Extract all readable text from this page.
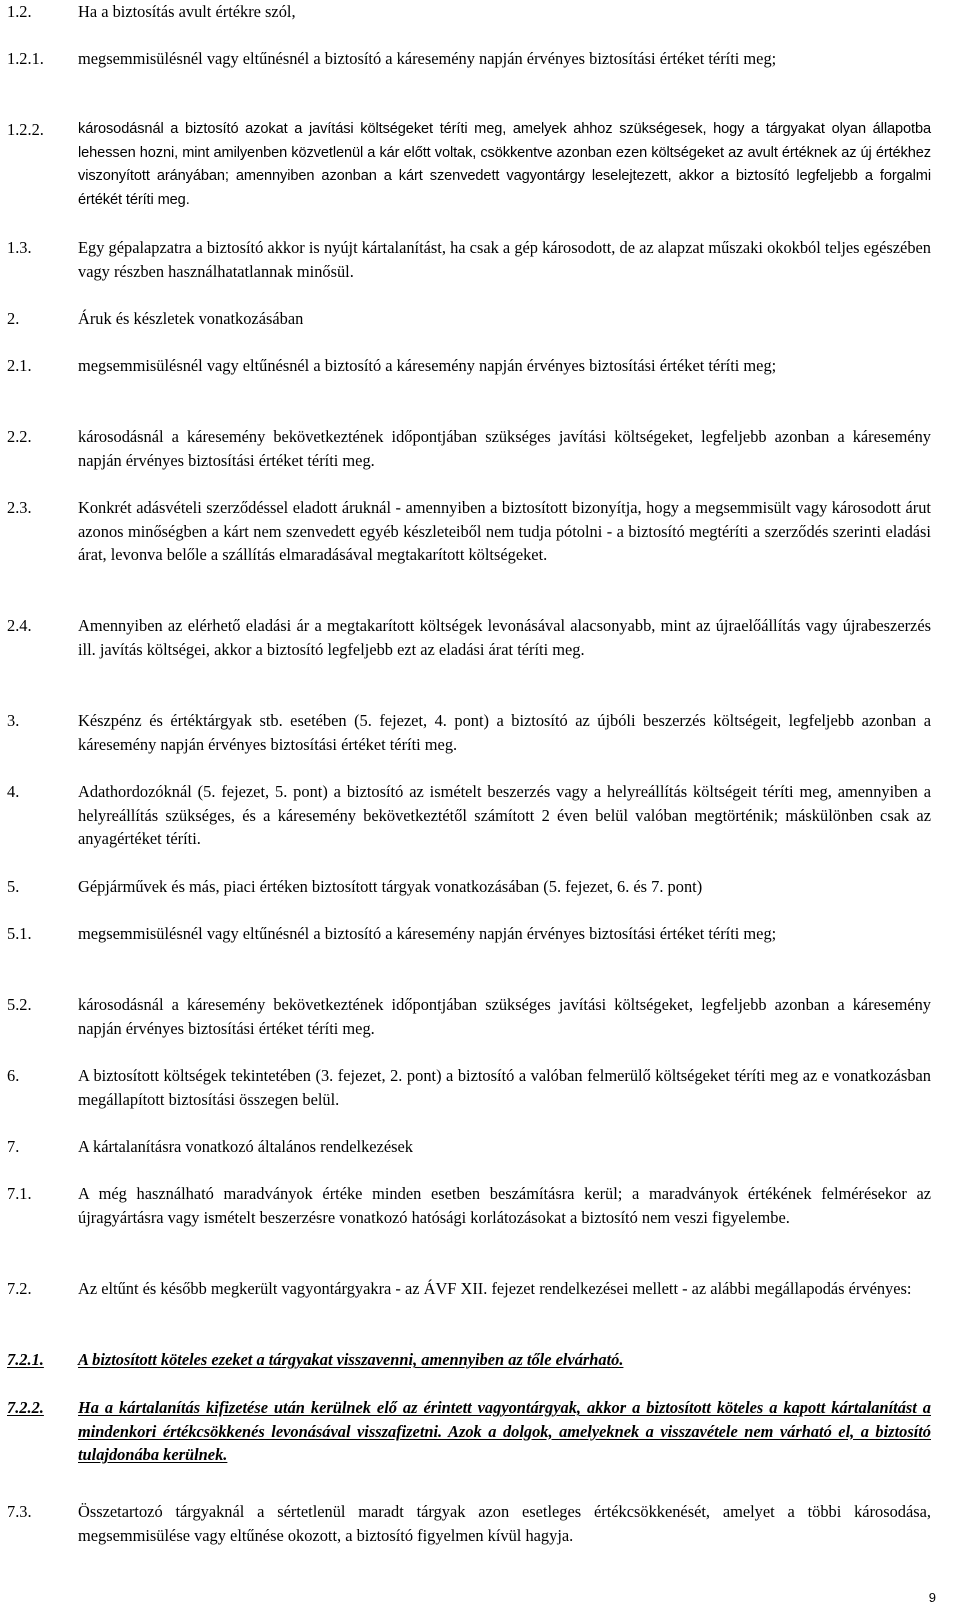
1.2.	Ha a biztosítás avult értékre szól,
1.2.1.	megsemmisülésnél vagy eltűnésnél a biztosító a káresemény napján érvényes biztosítási értéket téríti meg;
1.2.2.	károsodásnál a biztosító azokat a javítási költségeket téríti meg, amelyek ahhoz szükségesek, hogy a tárgyakat olyan állapotba lehessen hozni, mint amilyenben közvetlenül a kár előtt voltak, csökkentve azonban ezen költségeket az avult értéknek az új értékhez viszonyított arányában; amennyiben azonban a kárt szenvedett vagyontárgy leselejtezett, akkor a biztosító legfeljebb a forgalmi értékét téríti meg.
1.3.	Egy gépalapzatra a biztosító akkor is nyújt kártalanítást, ha csak a gép károsodott, de az alapzat műszaki okokból teljes egészében vagy részben használhatatlannak minősül.
2.	Áruk és készletek vonatkozásában
2.1.	megsemmisülésnél vagy eltűnésnél a biztosító a káresemény napján érvényes biztosítási értéket téríti meg;
2.2.	károsodásnál a káresemény bekövetkeztének időpontjában szükséges javítási költségeket, legfeljebb azonban a káresemény napján érvényes biztosítási értéket téríti meg.
2.3.	Konkrét adásvételi szerződéssel eladott áruknál - amennyiben a biztosított bizonyítja, hogy a megsemmisült vagy károsodott árut azonos minőségben a kárt nem szenvedett egyéb készleteiből nem tudja pótolni - a biztosító megtéríti a szerződés szerinti eladási árat, levonva belőle a szállítás elmaradásával megtakarított költségeket.
2.4.	Amennyiben az elérhető eladási ár a megtakarított költségek levonásával alacsonyabb, mint az újraelőállítás vagy újrabeszerzés ill. javítás költségei, akkor a biztosító legfeljebb ezt az eladási árat téríti meg.
3.	Készpénz és értéktárgyak stb. esetében (5. fejezet, 4. pont) a biztosító az újbóli beszerzés költségeit, legfeljebb azonban a káresemény napján érvényes biztosítási értéket téríti meg.
4.	Adathordozóknál (5. fejezet, 5. pont) a biztosító az ismételt beszerzés vagy a helyreállítás költségeit téríti meg, amennyiben a helyreállítás szükséges, és a káresemény bekövetkeztétől számított 2 éven belül valóban megtörténik; máskülönben csak az anyagértéket téríti.
5.	Gépjárművek és más, piaci értéken biztosított tárgyak vonatkozásában (5. fejezet, 6. és 7. pont)
5.1.	megsemmisülésnél vagy eltűnésnél a biztosító a káresemény napján érvényes biztosítási értéket téríti meg;
5.2.	károsodásnál a káresemény bekövetkeztének időpontjában szükséges javítási költségeket, legfeljebb azonban a káresemény napján érvényes biztosítási értéket téríti meg.
6.	A biztosított költségek tekintetében (3. fejezet, 2. pont) a biztosító a valóban felmerülő költségeket téríti meg az e vonatkozásban megállapított biztosítási összegen belül.
7.	A kártalanításra vonatkozó általános rendelkezések
7.1.	A még használható maradványok értéke minden esetben beszámításra kerül; a maradványok értékének felmérésekor az újragyártásra vagy ismételt beszerzésre vonatkozó hatósági korlátozásokat a biztosító nem veszi figyelembe.
7.2.	Az eltűnt és később megkerült vagyontárgyakra - az ÁVF XII. fejezet rendelkezései mellett - az alábbi megállapodás érvényes:
7.2.1.	A biztosított köteles ezeket a tárgyakat visszavenni, amennyiben az tőle elvárható.
7.2.2.	Ha a kártalanítás kifizetése után kerülnek elő az érintett vagyontárgyak, akkor a biztosított köteles a kapott kártalanítást a mindenkori értékcsökkenés levonásával visszafizetni. Azok a dolgok, amelyeknek a visszavétele nem várható el, a biztosító tulajdonába kerülnek.
7.3.	Összetartozó tárgyaknál a sértetlenül maradt tárgyak azon esetleges értékcsökkenését, amelyet a többi károsodása, megsemmisülése vagy eltűnése okozott, a biztosító figyelmen kívül hagyja.
9
